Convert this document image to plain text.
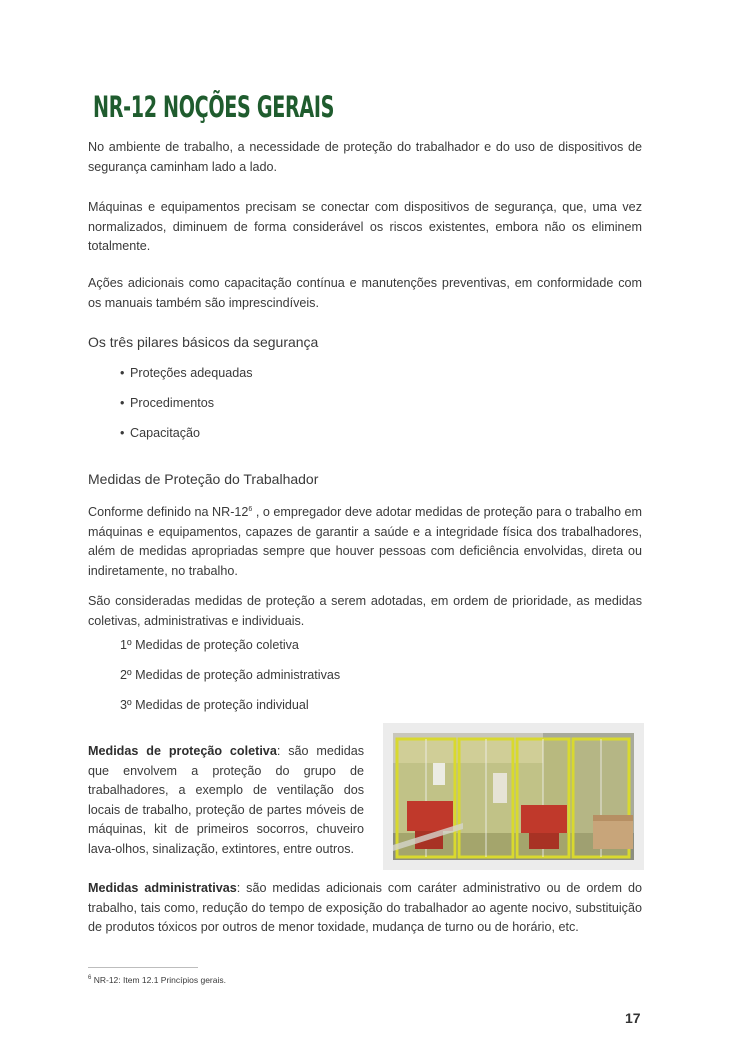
NR-12 NOÇÕES GERAIS

No ambiente de trabalho, a necessidade de proteção do trabalhador e do uso de dispositivos de segurança caminham lado a lado.

Máquinas e equipamentos precisam se conectar com dispositivos de segurança, que, uma vez normalizados, diminuem de forma considerável os riscos existentes, embora não os eliminem totalmente.

Ações adicionais como capacitação contínua e manutenções preventivas, em conformidade com os manuais também são imprescindíveis.

Os três pilares básicos da segurança

• Proteções adequadas

• Procedimentos

• Capacitação

Medidas de Proteção do Trabalhador

Conforme definido na $NR-12^6$ , o empregador deve adotar medidas de proteção para o trabalho em máquinas e equipamentos, capazes de garantir a saúde e a integridade física dos trabalhadores, além de medidas apropriadas sempre que houver pessoas com deficiência envolvidas, direta ou indiretamente, no trabalho.

São consideradas medidas de proteção a serem adotadas, em ordem de prioridade, as medidas coletivas, administrativas e individuais.

1º Medidas de proteção coletiva

2º Medidas de proteção administrativas

3º Medidas de proteção individual

Medidas de proteção coletiva: são medidas que envolvem a proteção do grupo de trabalhadores, a exemplo de ventilação dos locais de trabalho, proteção de partes móveis de máquinas, kit de primeiros socorros, chuveiro lava-olhos, sinalização, extintores, entre outros.

Medidas administrativas: são medidas adicionais com caráter administrativo ou de ordem do trabalho, tais como, redução do tempo de exposição do trabalhador ao agente nocivo, substituição de produtos tóxicos por outros de menor toxidade, mudança de turno ou de horário, etc.

$^6$ NR-12: Item 12.1 Princípios gerais.

17
